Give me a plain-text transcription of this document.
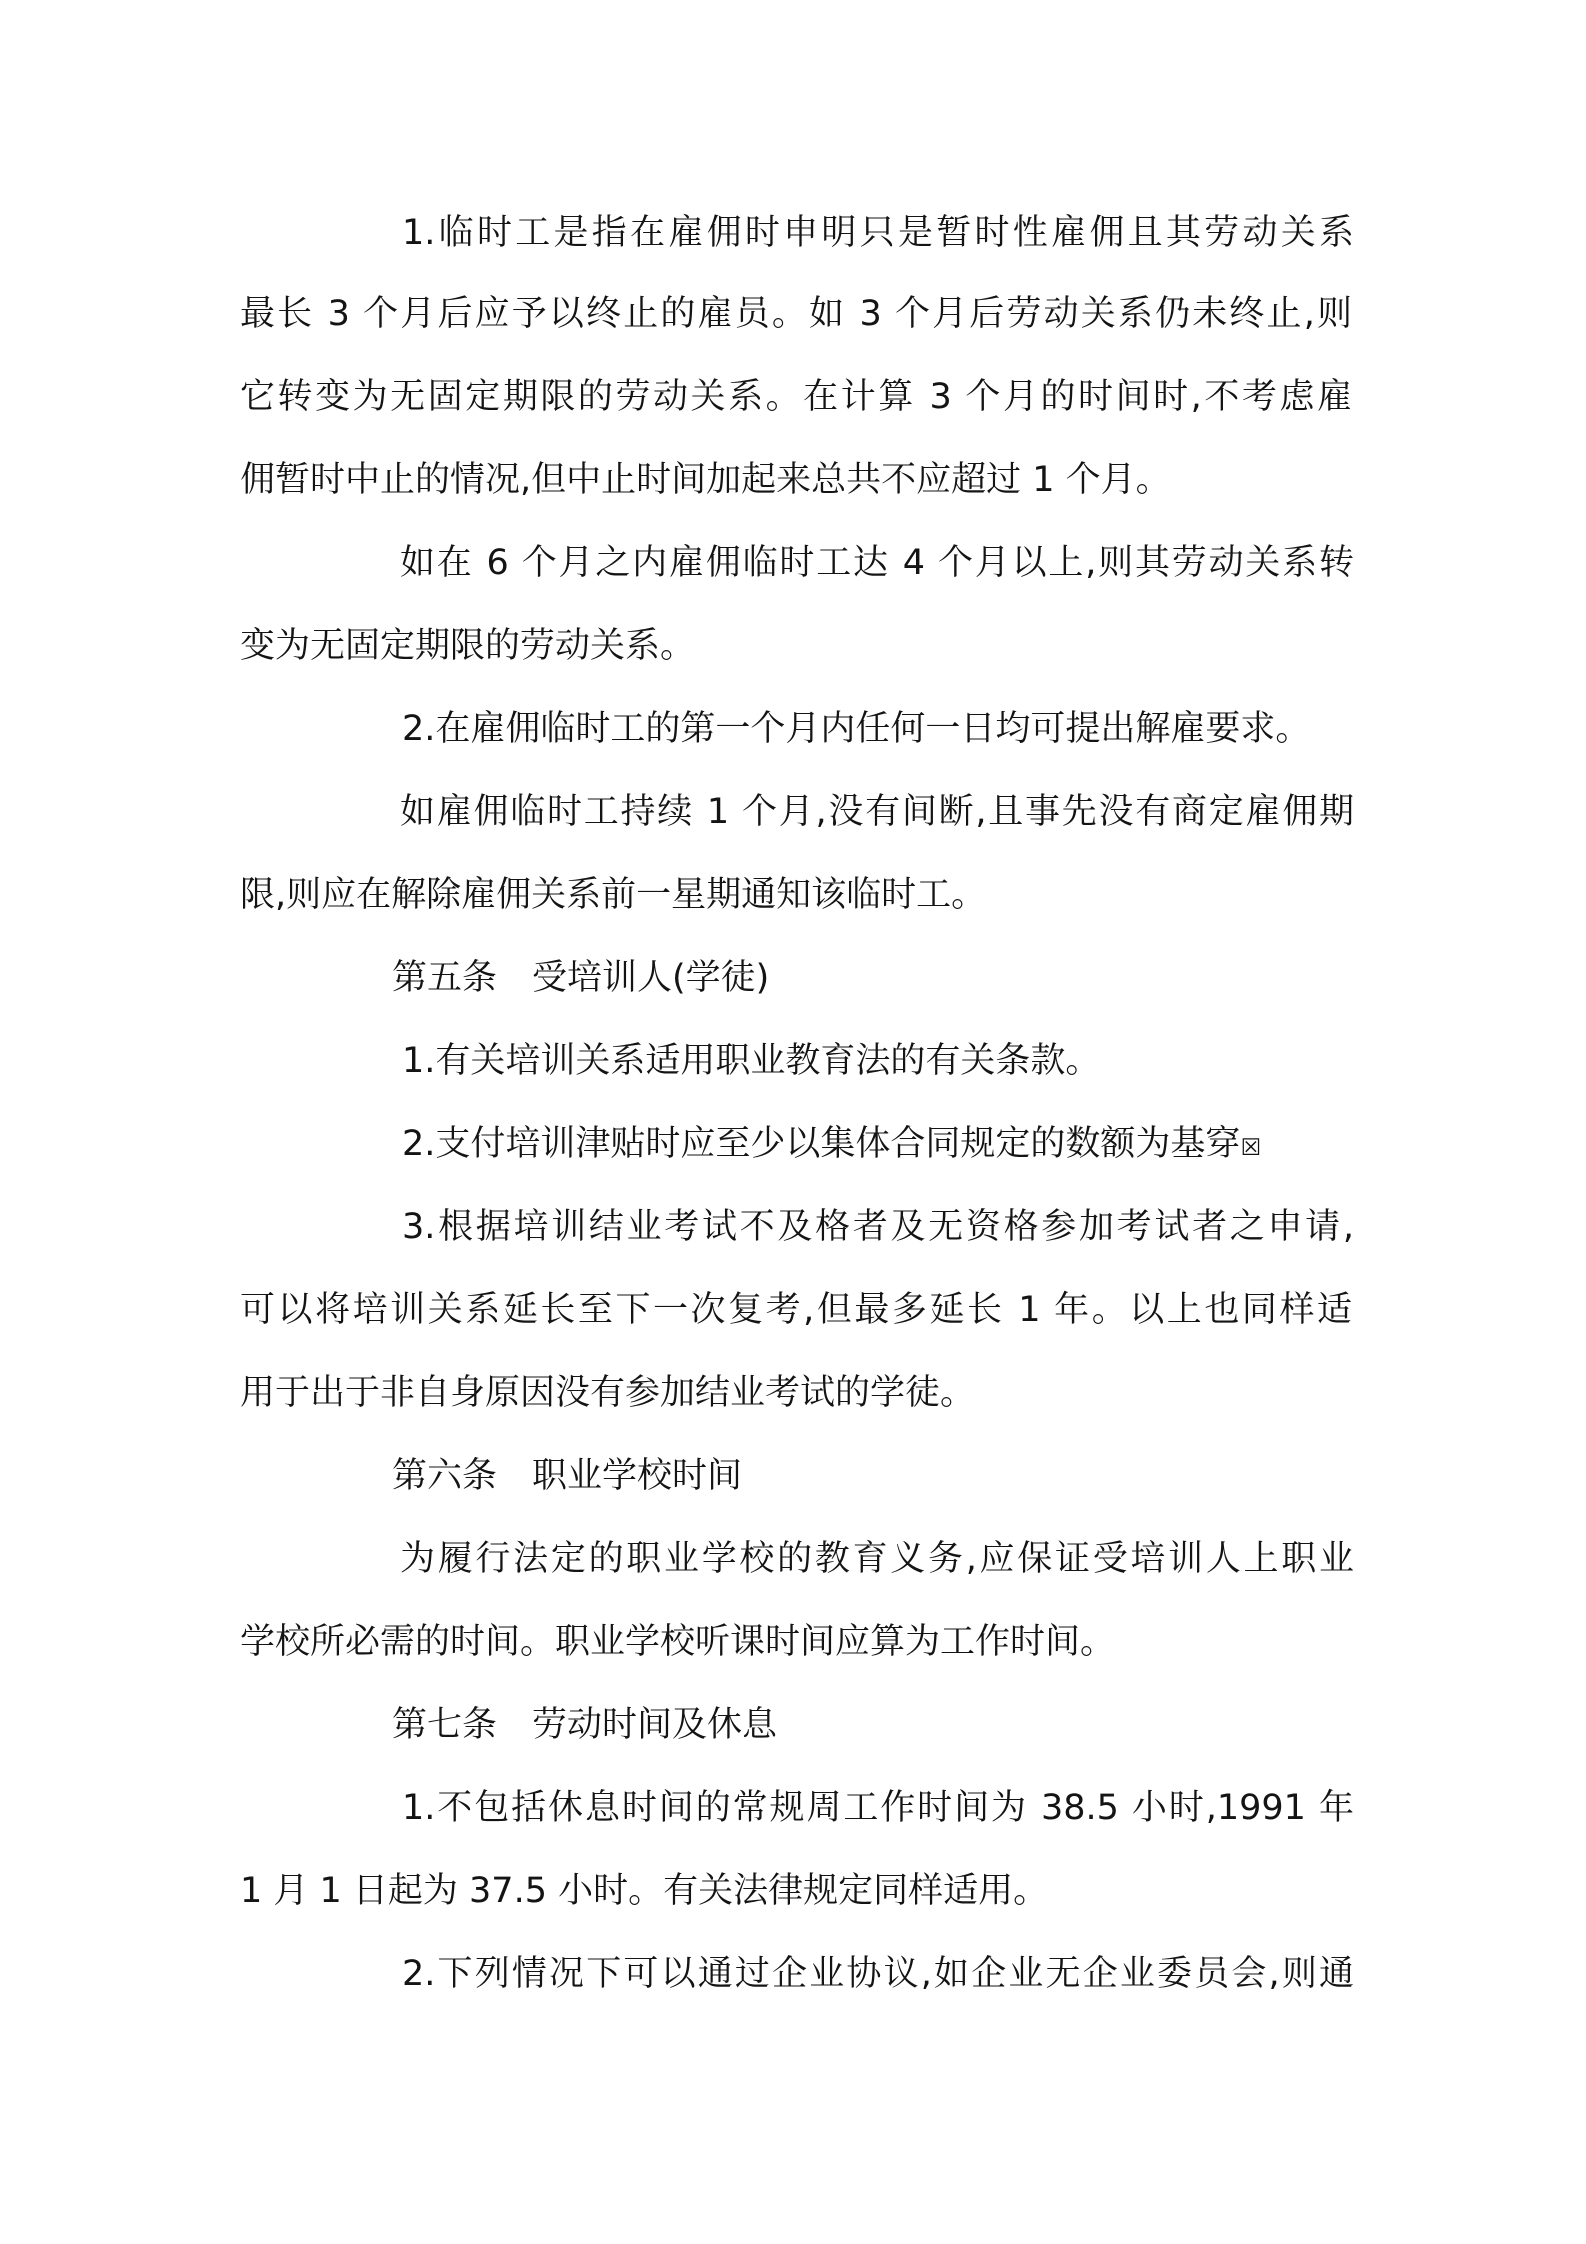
1.临时工是指在雇佣时申明只是暂时性雇佣且其劳动关系

最长 3 个月后应予以终止的雇员。如 3 个月后劳动关系仍未终止,则

它转变为无固定期限的劳动关系。在计算 3 个月的时间时,不考虑雇

佣暂时中止的情况,但中止时间加起来总共不应超过 1 个月。

如在 6 个月之内雇佣临时工达 4 个月以上,则其劳动关系转

变为无固定期限的劳动关系。

2.在雇佣临时工的第一个月内任何一日均可提出解雇要求。

如雇佣临时工持续 1 个月,没有间断,且事先没有商定雇佣期

限,则应在解除雇佣关系前一星期通知该临时工。

第五条　受培训人(学徒)

1.有关培训关系适用职业教育法的有关条款。

2.支付培训津贴时应至少以集体合同规定的数额为基穿☒

3.根据培训结业考试不及格者及无资格参加考试者之申请,

可以将培训关系延长至下一次复考,但最多延长 1 年。以上也同样适

用于出于非自身原因没有参加结业考试的学徒。

第六条　职业学校时间

为履行法定的职业学校的教育义务,应保证受培训人上职业

学校所必需的时间。职业学校听课时间应算为工作时间。

第七条　劳动时间及休息

1.不包括休息时间的常规周工作时间为 38.5 小时,1991 年

1 月 1 日起为 37.5 小时。有关法律规定同样适用。

2.下列情况下可以通过企业协议,如企业无企业委员会,则通
